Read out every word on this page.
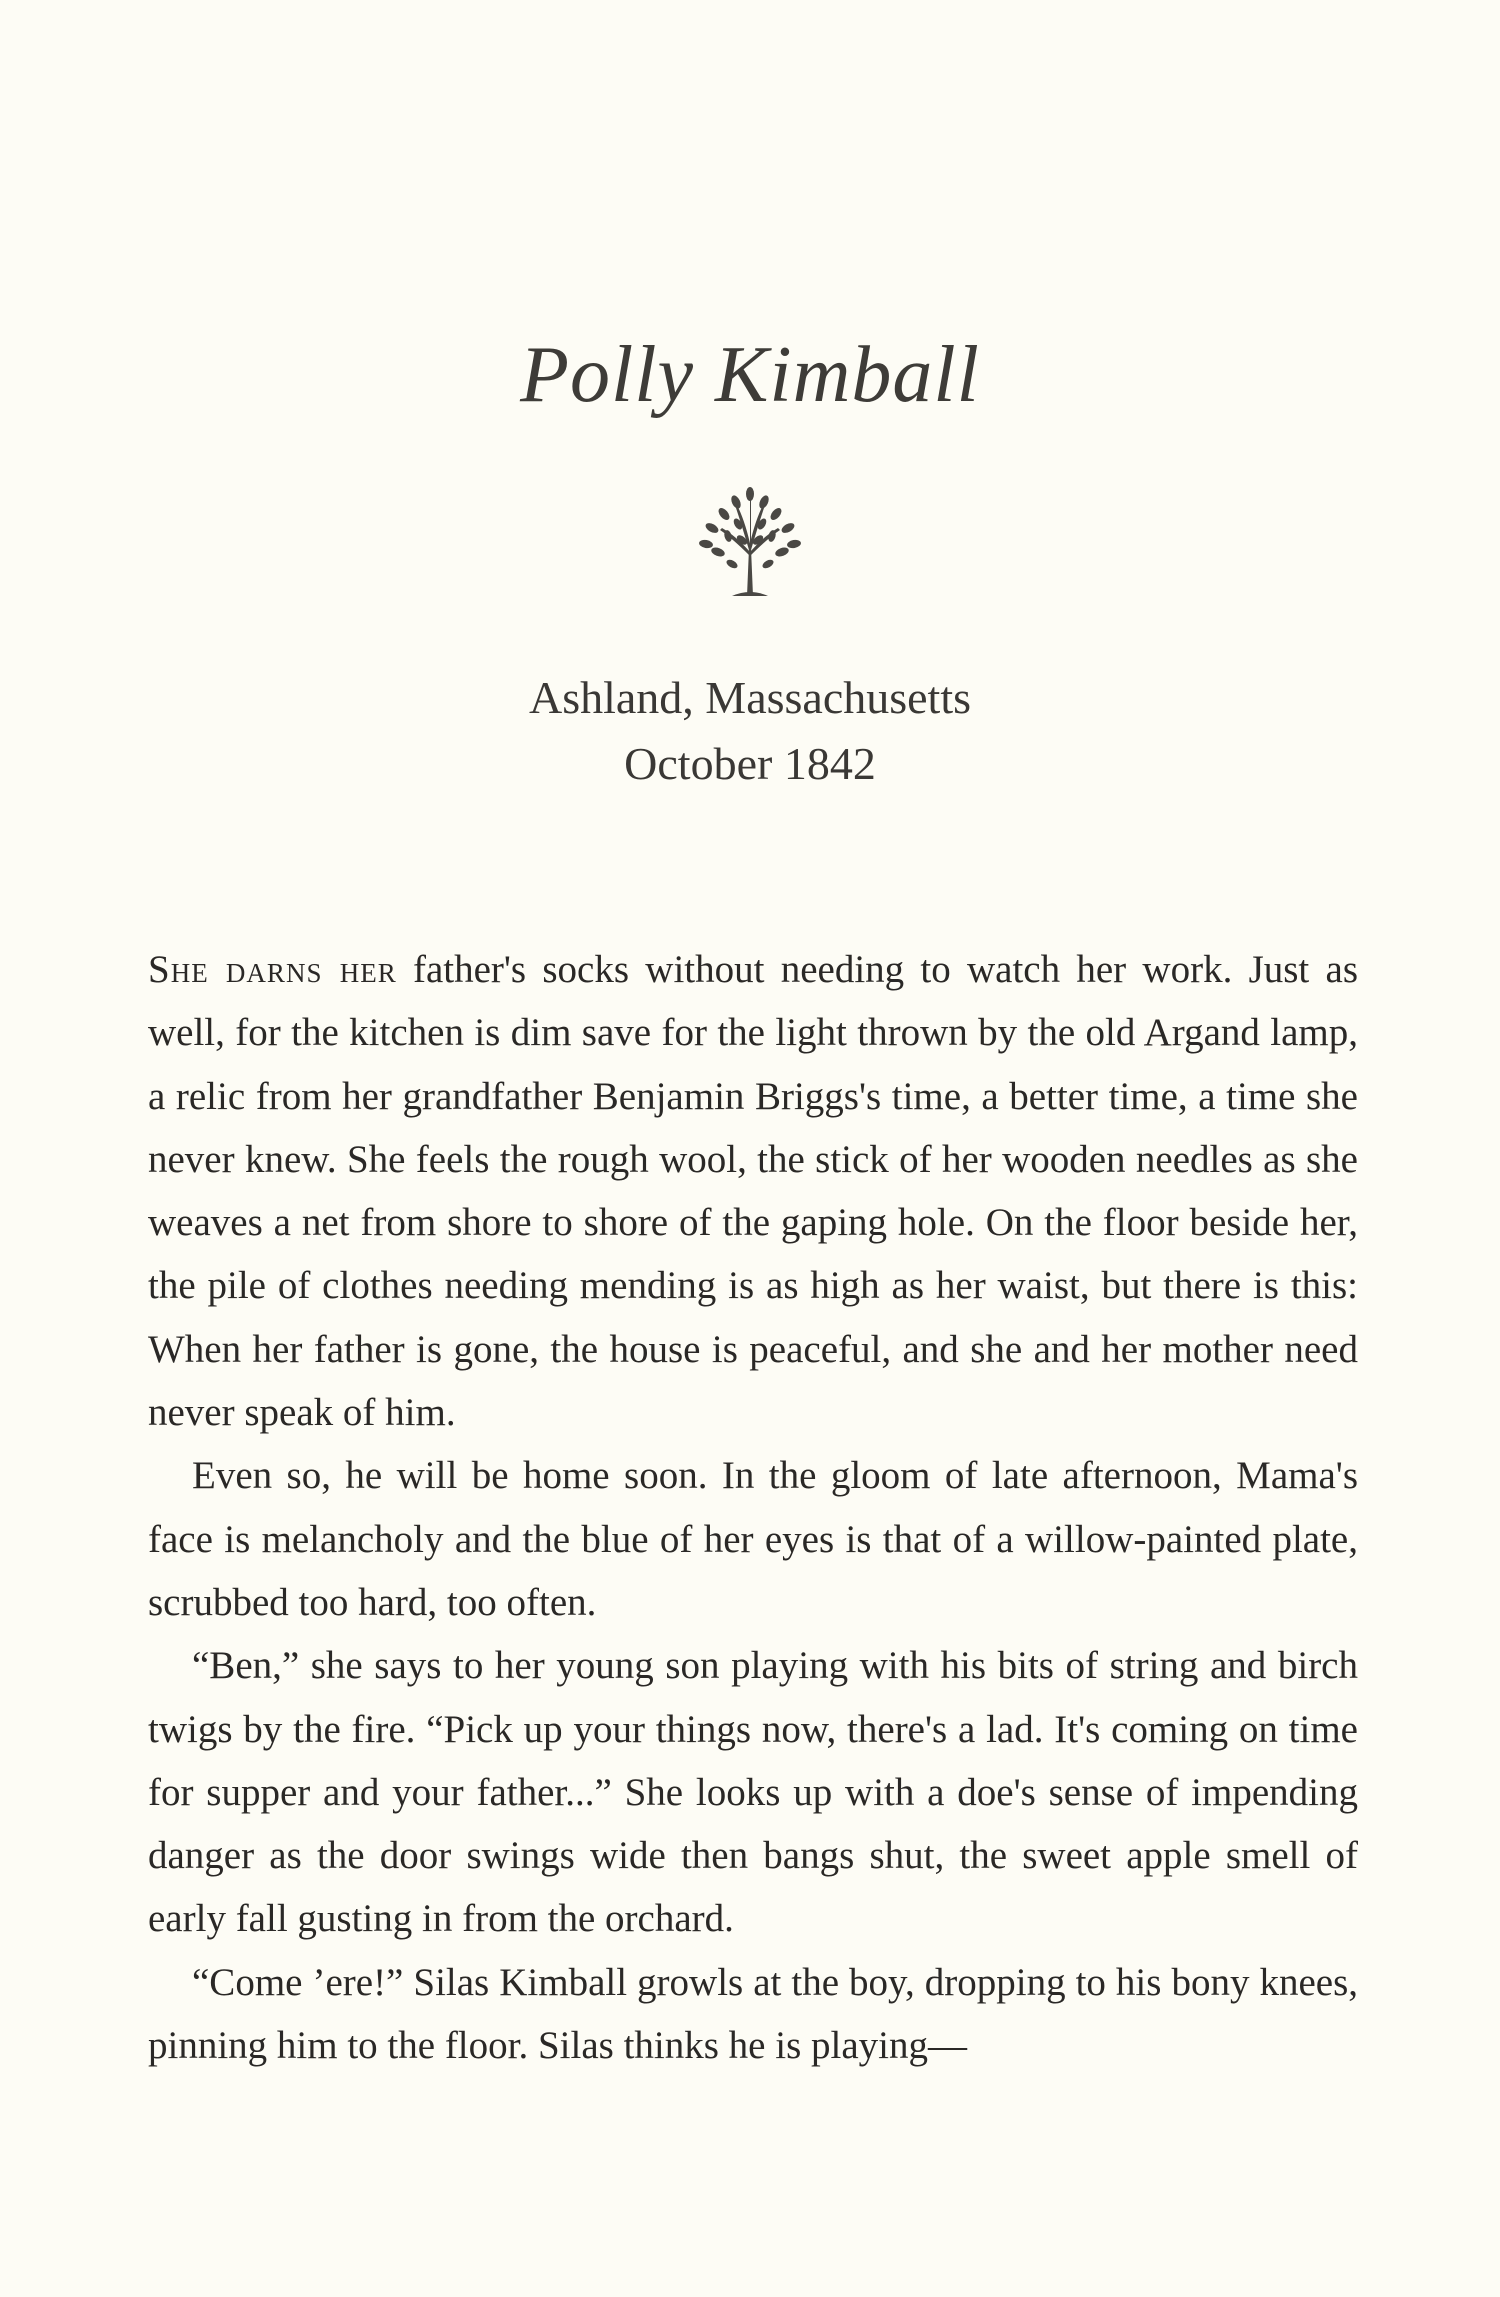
Polly Kimball
Ashland, Massachusetts
October 1842

She darns her father's socks without needing to watch her work. Just as well, for the kitchen is dim save for the light thrown by the old Argand lamp, a relic from her grandfather Benjamin Briggs's time, a better time, a time she never knew. She feels the rough wool, the stick of her wooden needles as she weaves a net from shore to shore of the gaping hole. On the floor beside her, the pile of clothes needing mending is as high as her waist, but there is this: When her father is gone, the house is peaceful, and she and her mother need never speak of him.

Even so, he will be home soon. In the gloom of late afternoon, Mama's face is melancholy and the blue of her eyes is that of a willow-painted plate, scrubbed too hard, too often.

“Ben,” she says to her young son playing with his bits of string and birch twigs by the fire. “Pick up your things now, there's a lad. It's coming on time for supper and your father...” She looks up with a doe's sense of impending danger as the door swings wide then bangs shut, the sweet apple smell of early fall gusting in from the orchard.

“Come ’ere!” Silas Kimball growls at the boy, dropping to his bony knees, pinning him to the floor. Silas thinks he is playing—
